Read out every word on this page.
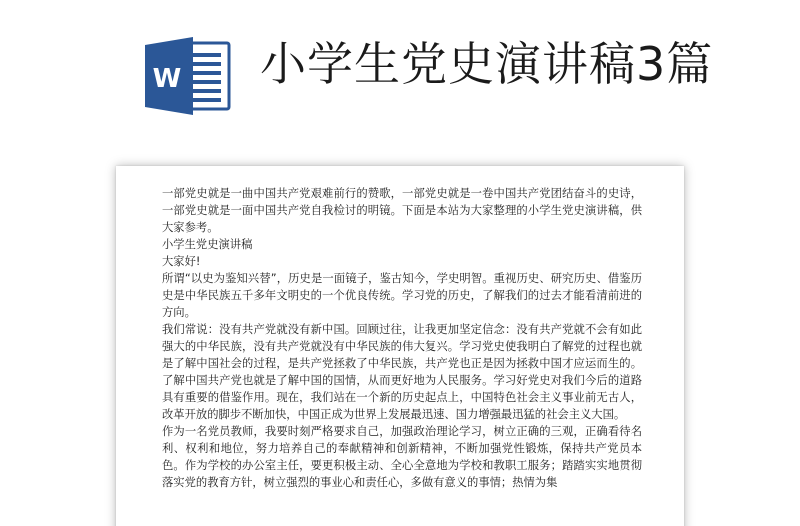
W 小学生党史演讲稿3篇

一部党史就是一曲中国共产党艰难前行的赞歌，一部党史就是一卷中国共产党团结奋斗的史诗，一部党史就是一面中国共产党自我检讨的明镜。下面是本站为大家整理的小学生党史演讲稿，供大家参考。

小学生党史演讲稿

大家好!

所谓“以史为鉴知兴替”，历史是一面镜子，鉴古知今，学史明智。重视历史、研究历史、借鉴历史是中华民族五千多年文明史的一个优良传统。学习党的历史，了解我们的过去才能看清前进的方向。

我们常说：没有共产党就没有新中国。回顾过往，让我更加坚定信念：没有共产党就不会有如此强大的中华民族，没有共产党就没有中华民族的伟大复兴。学习党史使我明白了解党的过程也就是了解中国社会的过程，是共产党拯救了中华民族，共产党也正是因为拯救中国才应运而生的。了解中国共产党也就是了解中国的国情，从而更好地为人民服务。学习好党史对我们今后的道路具有重要的借鉴作用。现在，我们站在一个新的历史起点上，中国特色社会主义事业前无古人，改革开放的脚步不断加快，中国正成为世界上发展最迅速、国力增强最迅猛的社会主义大国。

作为一名党员教师，我要时刻严格要求自己，加强政治理论学习，树立正确的三观，正确看待名利、权利和地位，努力培养自己的奉献精神和创新精神，不断加强党性锻炼，保持共产党员本色。作为学校的办公室主任，要更积极主动、全心全意地为学校和教职工服务；踏踏实实地贯彻落实党的教育方针，树立强烈的事业心和责任心，多做有意义的事情；热情为集
